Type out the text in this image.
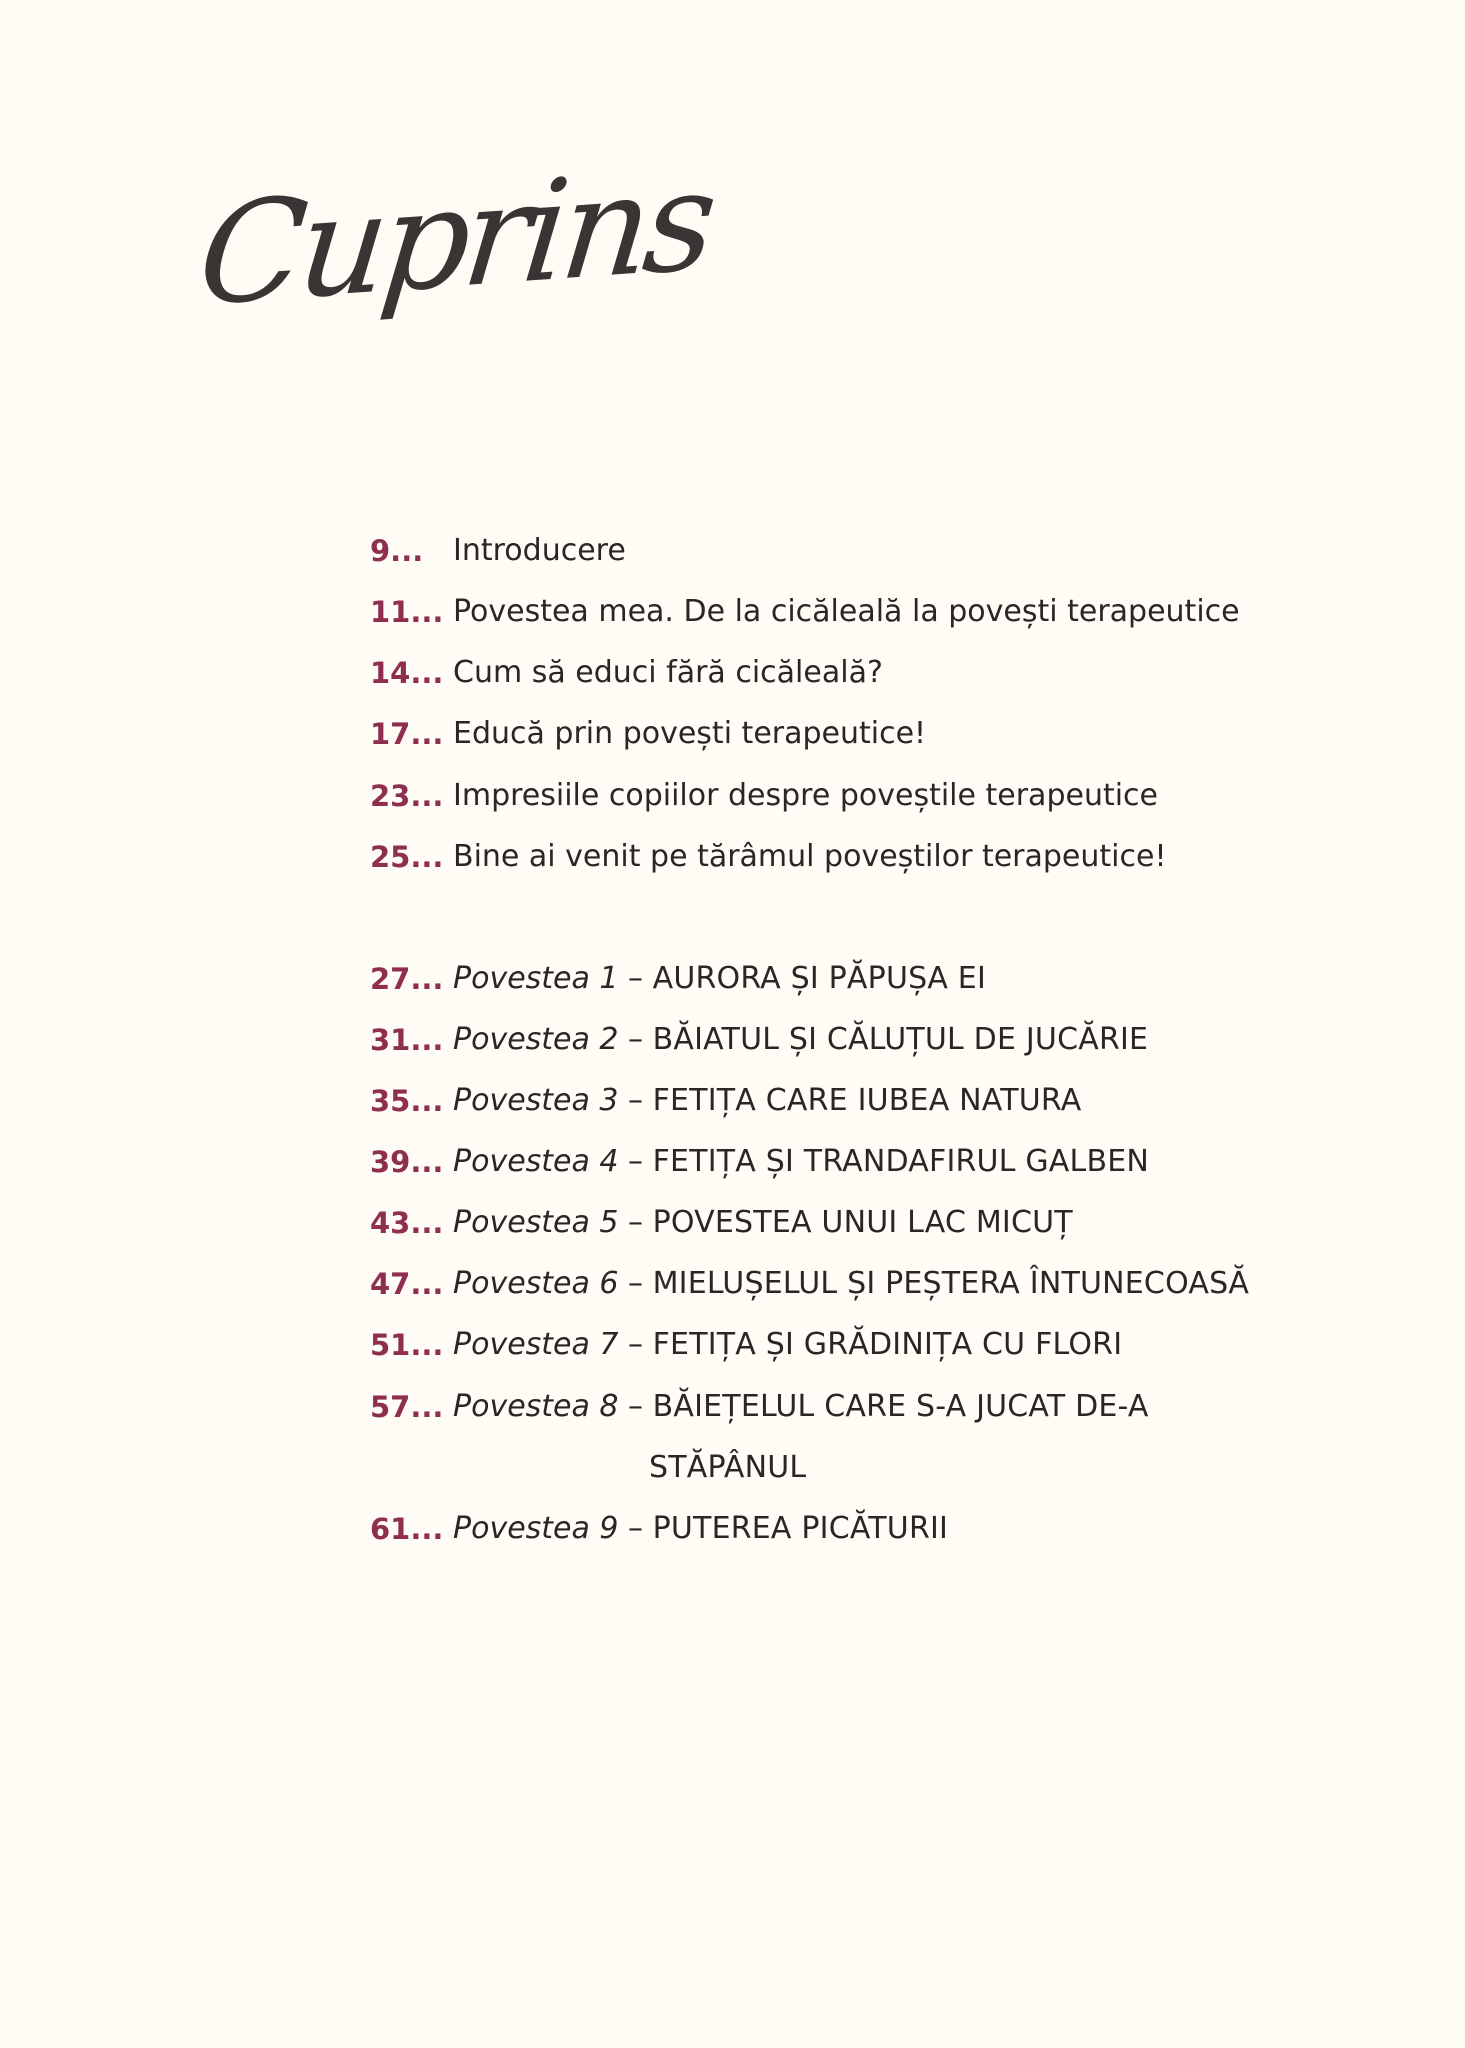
Cuprins
9... Introducere
11... Povestea mea. De la cicăleală la povești terapeutice
14... Cum să educi fără cicăleală?
17... Educă prin povești terapeutice!
23... Impresiile copiilor despre poveștile terapeutice
25... Bine ai venit pe tărâmul poveștilor terapeutice!
27... Povestea 1 – AURORA ȘI PĂPUȘA EI
31... Povestea 2 – BĂIATUL ȘI CĂLUȚUL DE JUCĂRIE
35... Povestea 3 – FETIȚA CARE IUBEA NATURA
39... Povestea 4 – FETIȚA ȘI TRANDAFIRUL GALBEN
43... Povestea 5 – POVESTEA UNUI LAC MICUȚ
47... Povestea 6 – MIELUȘELUL ȘI PEȘTERA ÎNTUNECOASĂ
51... Povestea 7 – FETIȚA ȘI GRĂDINIȚA CU FLORI
57... Povestea 8 – BĂIEȚELUL CARE S-A JUCAT DE-A
STĂPÂNUL
61... Povestea 9 – PUTEREA PICĂTURII
